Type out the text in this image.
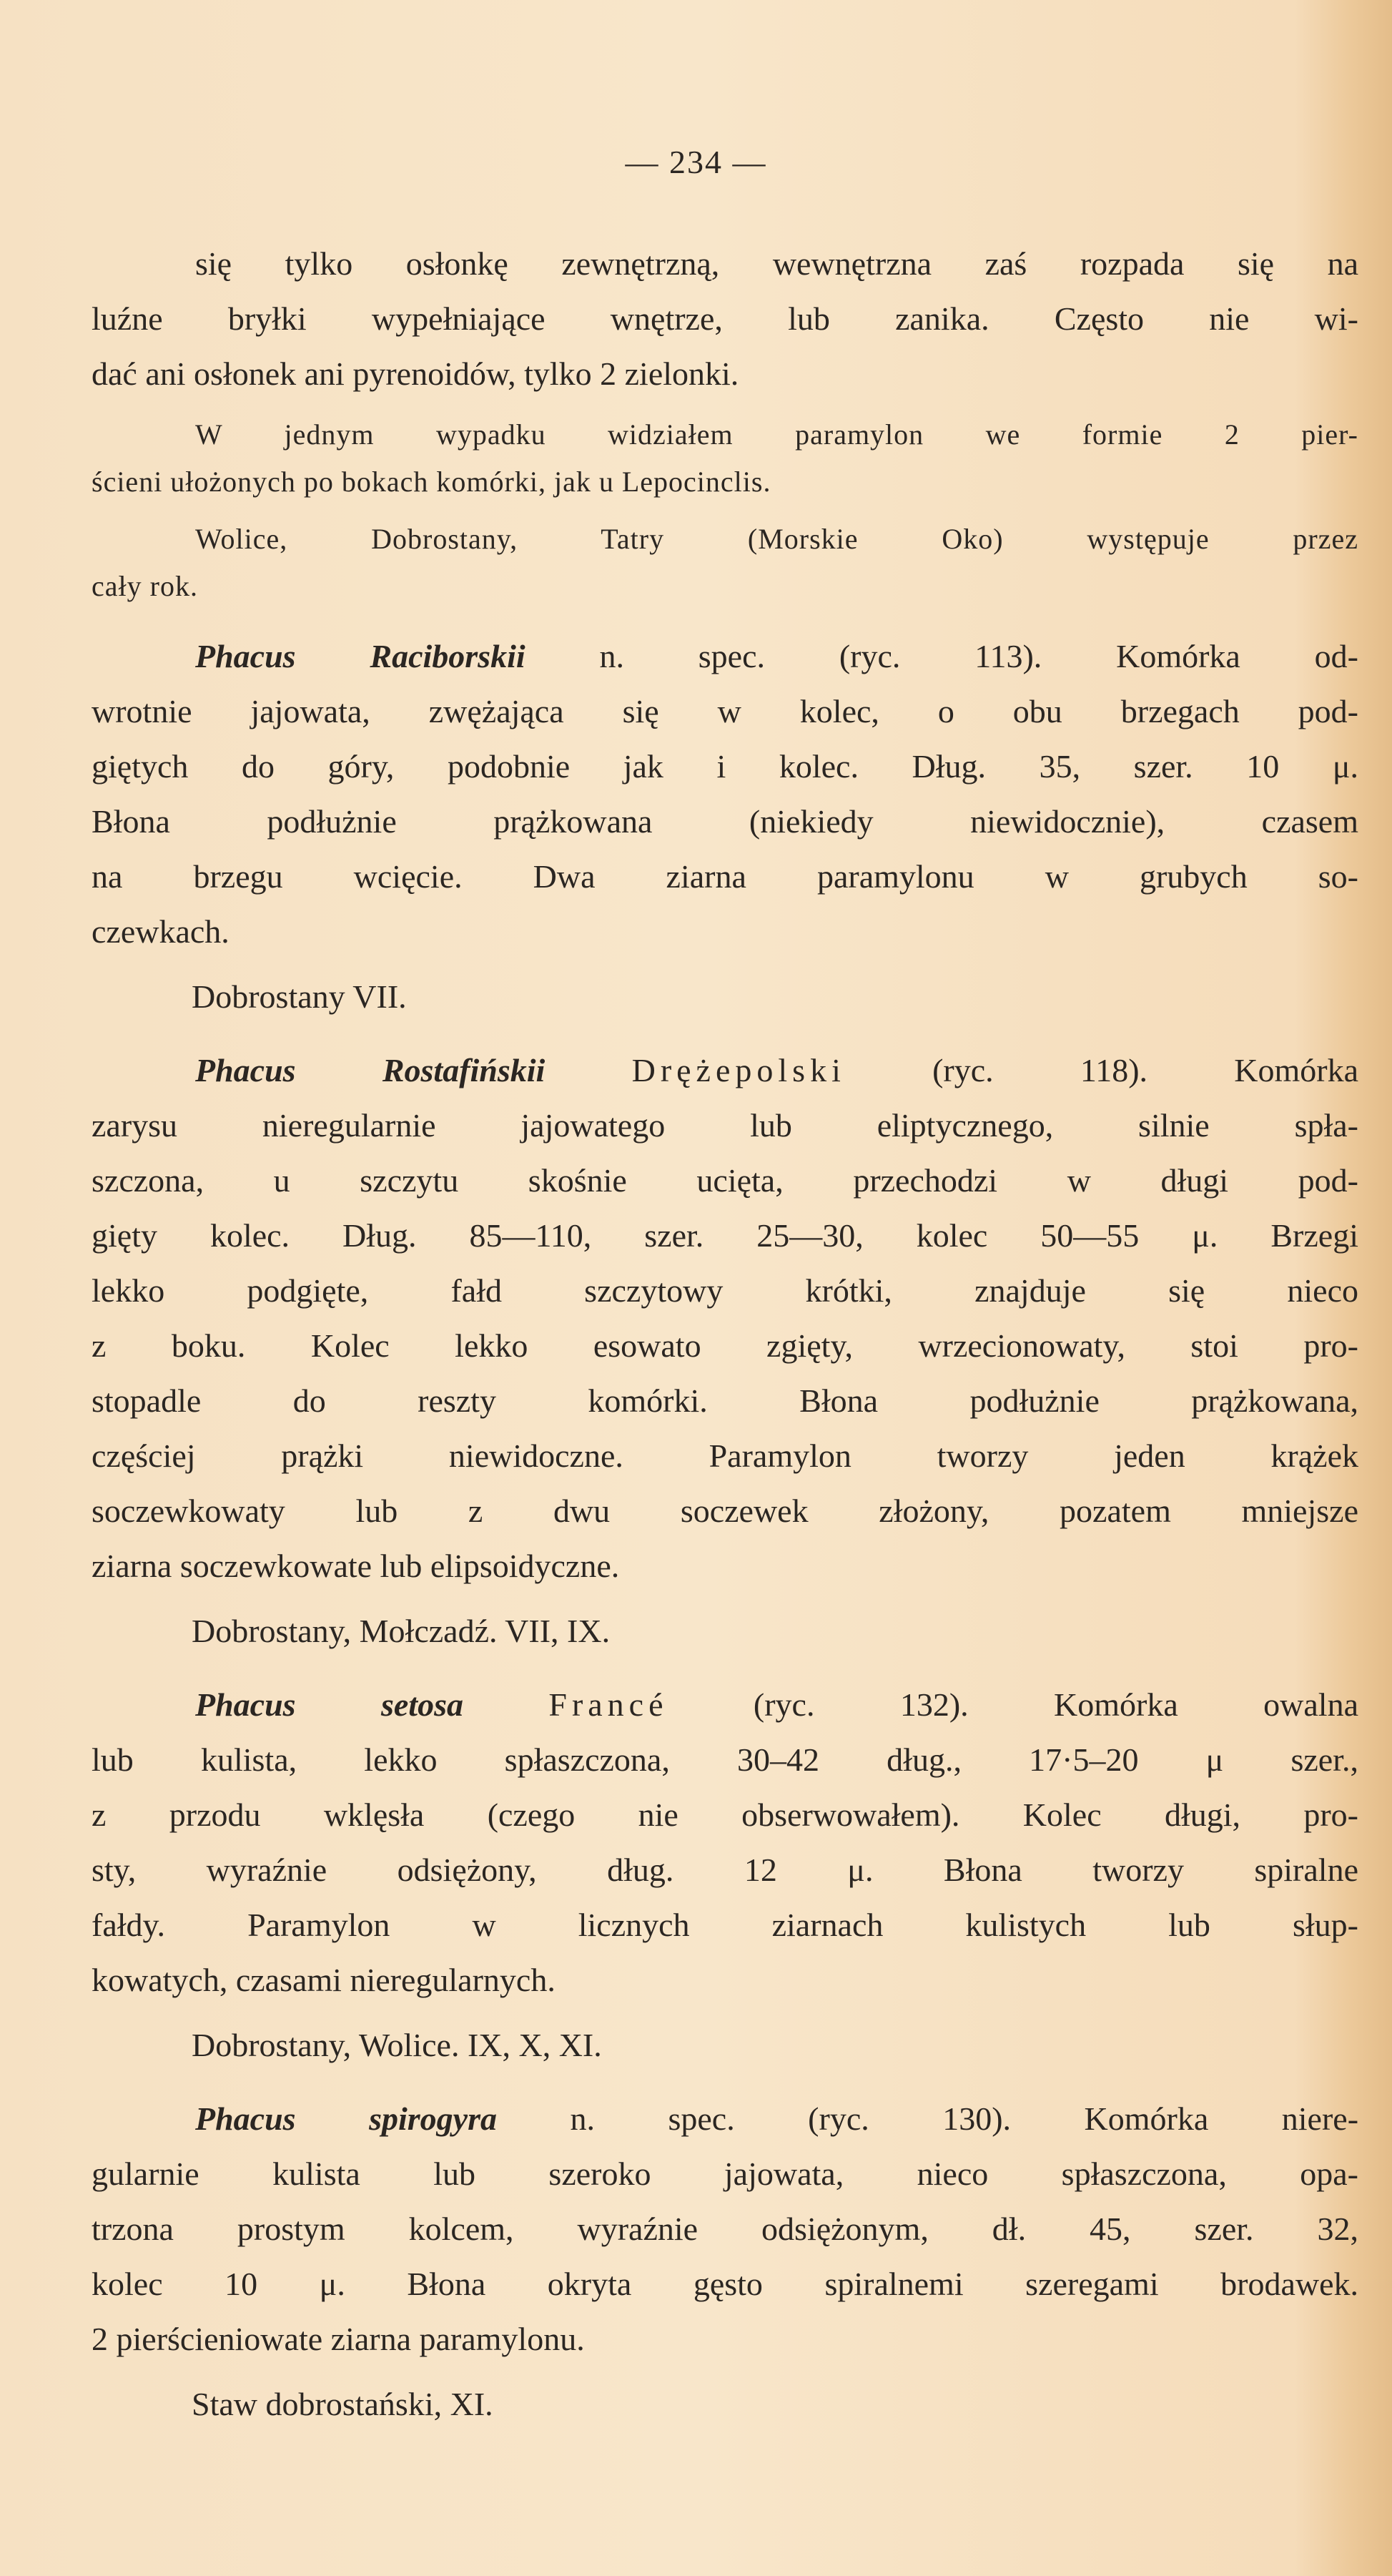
— 234 —
się tylko osłonkę zewnętrzną, wewnętrzna zaś rozpada się na
luźne bryłki wypełniające wnętrze, lub zanika. Często nie wi-
dać ani osłonek ani pyrenoidów, tylko 2 zielonki.
W jednym wypadku widziałem paramylon we formie 2 pier-
ścieni ułożonych po bokach komórki, jak u Lepocinclis.
Wolice, Dobrostany, Tatry (Morskie Oko) występuje przez
cały rok.
Phacus Raciborskii n. spec. (ryc. 113). Komórka od-
wrotnie jajowata, zwężająca się w kolec, o obu brzegach pod-
giętych do góry, podobnie jak i kolec. Dług. 35, szer. 10 μ.
Błona podłużnie prążkowana (niekiedy niewidocznie), czasem
na brzegu wcięcie. Dwa ziarna paramylonu w grubych so-
czewkach.
Dobrostany VII.
Phacus Rostafińskii	Drężepolski (ryc. 118). Komórka
zarysu nieregularnie jajowatego lub eliptycznego, silnie spła-
szczona, u szczytu skośnie ucięta, przechodzi w długi pod-
gięty kolec. Dług. 85—110, szer. 25—30, kolec 50—55 μ. Brzegi
lekko podgięte, fałd szczytowy krótki, znajduje się nieco
z boku. Kolec lekko esowato zgięty, wrzecionowaty, stoi pro-
stopadle do reszty komórki. Błona podłużnie prążkowana,
częściej prążki niewidoczne. Paramylon tworzy jeden krążek
soczewkowaty lub z dwu soczewek złożony, pozatem mniejsze
ziarna soczewkowate lub elipsoidyczne.
Dobrostany, Mołczadź. VII, IX.
Phacus setosa	Francé (ryc. 132). Komórka owalna
lub kulista, lekko spłaszczona, 30–42 dług., 17·5–20 μ szer.,
z przodu wklęsła (czego nie obserwowałem). Kolec długi, pro-
sty, wyraźnie odsiężony, dług. 12 μ. Błona tworzy spiralne
fałdy. Paramylon w licznych ziarnach kulistych lub słup-
kowatych, czasami nieregularnych.
Dobrostany, Wolice. IX, X, XI.
Phacus spirogyra n. spec. (ryc. 130). Komórka niere-
gularnie kulista lub szeroko jajowata, nieco spłaszczona, opa-
trzona prostym kolcem, wyraźnie odsiężonym, dł. 45, szer. 32,
kolec 10 μ. Błona okryta gęsto spiralnemi szeregami brodawek.
2 pierścieniowate ziarna paramylonu.
Staw dobrostański, XI.
